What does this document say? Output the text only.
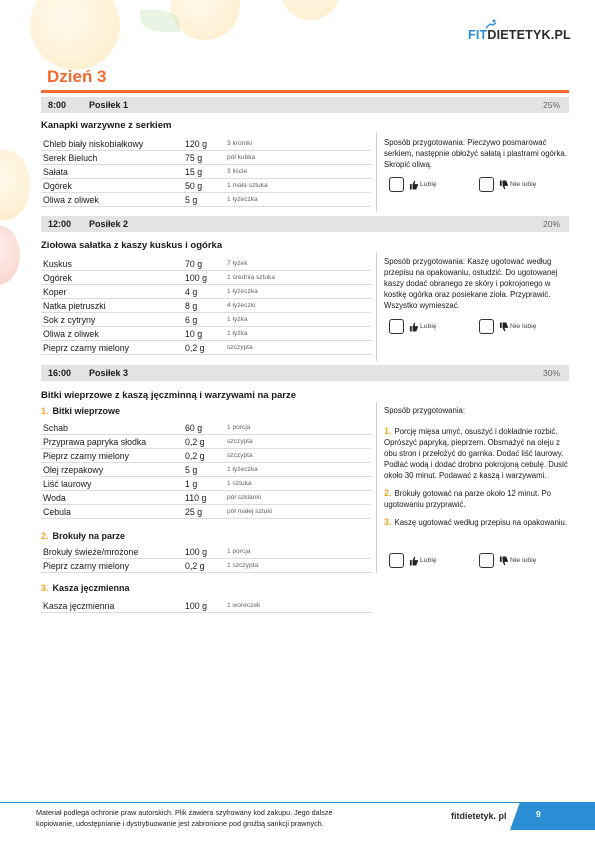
FITDIETETYK.PL
Dzień 3
8:00	Posiłek 1	25%
Kanapki warzywne z serkiem
Chleb biały niskobiałkowy	120 g	3 kromki
Serek Bieluch	75 g	pół kubka
Sałata	15 g	3 liście
Ogórek	50 g	1 mała sztuka
Oliwa z oliwek	5 g	1 łyżeczka
Sposób przygotowania: Pieczywo posmarować serkiem, następnie obłożyć sałatą i plastrami ogórka. Skropić oliwą.
Lubię	Nie lubię
12:00 Posiłek 2	20%
Ziołowa sałatka z kaszy kuskus i ogórka
Kuskus	70 g	7 łyżek
Ogórek	100 g	1 średnia sztuka
Koper	4 g	1 łyżeczka
Natka pietruszki	8 g	4 łyżeczki
Sok z cytryny	6 g	1 łyżka
Oliwa z oliwek	10 g	1 łyżka
Pieprz czarny mielony	0,2 g	szczypta
Sposób przygotowania: Kaszę ugotować według przepisu na opakowaniu, ostudzić. Do ugotowanej kaszy dodać obranego ze skóry i pokrojonego w kostkę ogórka oraz posiekane zioła. Przyprawić. Wszystko wymieszać.
Lubię	Nie lubię
16:00 Posiłek 3	30%
Bitki wieprzowe z kaszą jęczminną i warzywami na parze
1. Bitki wieprzowe
Schab	60 g	1 porcja
Przyprawa papryka słodka	0,2 g	szczypta
Pieprz czarny mielony	0,2 g	szczypta
Olej rzepakowy	5 g	1 łyżeczka
Liść laurowy	1 g	1 sztuka
Woda	110 g	pół szklanki
Cebula	25 g	pół małej sztuki
2. Brokuły na parze
Brokuły świeże/mrożone	100 g	1 porcja
Pieprz czarny mielony	0,2 g	1 szczypta
3. Kasza jęczmienna
Kasza jęczmienna	100 g	1 woreczek
Sposób przygotowania:
1. Porcję mięsa umyć, osuszyć i dokładnie rozbić. Oprószyć papryką, pieprzem. Obsmażyć na oleju z obu stron i przełożyć do garnka. Dodać liść laurowy. Podlać wodą i dodać drobno pokrojoną cebulę. Dusić około 30 minut. Podawać z kaszą i warzywami.
2. Brokuły gotować na parze około 12 minut. Po ugotowaniu przyprawić.
3. Kaszę ugotować według przepisu na opakowaniu.
Lubię	Nie lubię
Materiał podlega ochronie praw autorskich. Plik zawiera szyfrowany kod zakupu. Jego dalsze
kopiowanie, udostępnianie i dystrybuowanie jest zabronione pod groźbą sankcji prawnych.
fitdietetyk. pl	9
